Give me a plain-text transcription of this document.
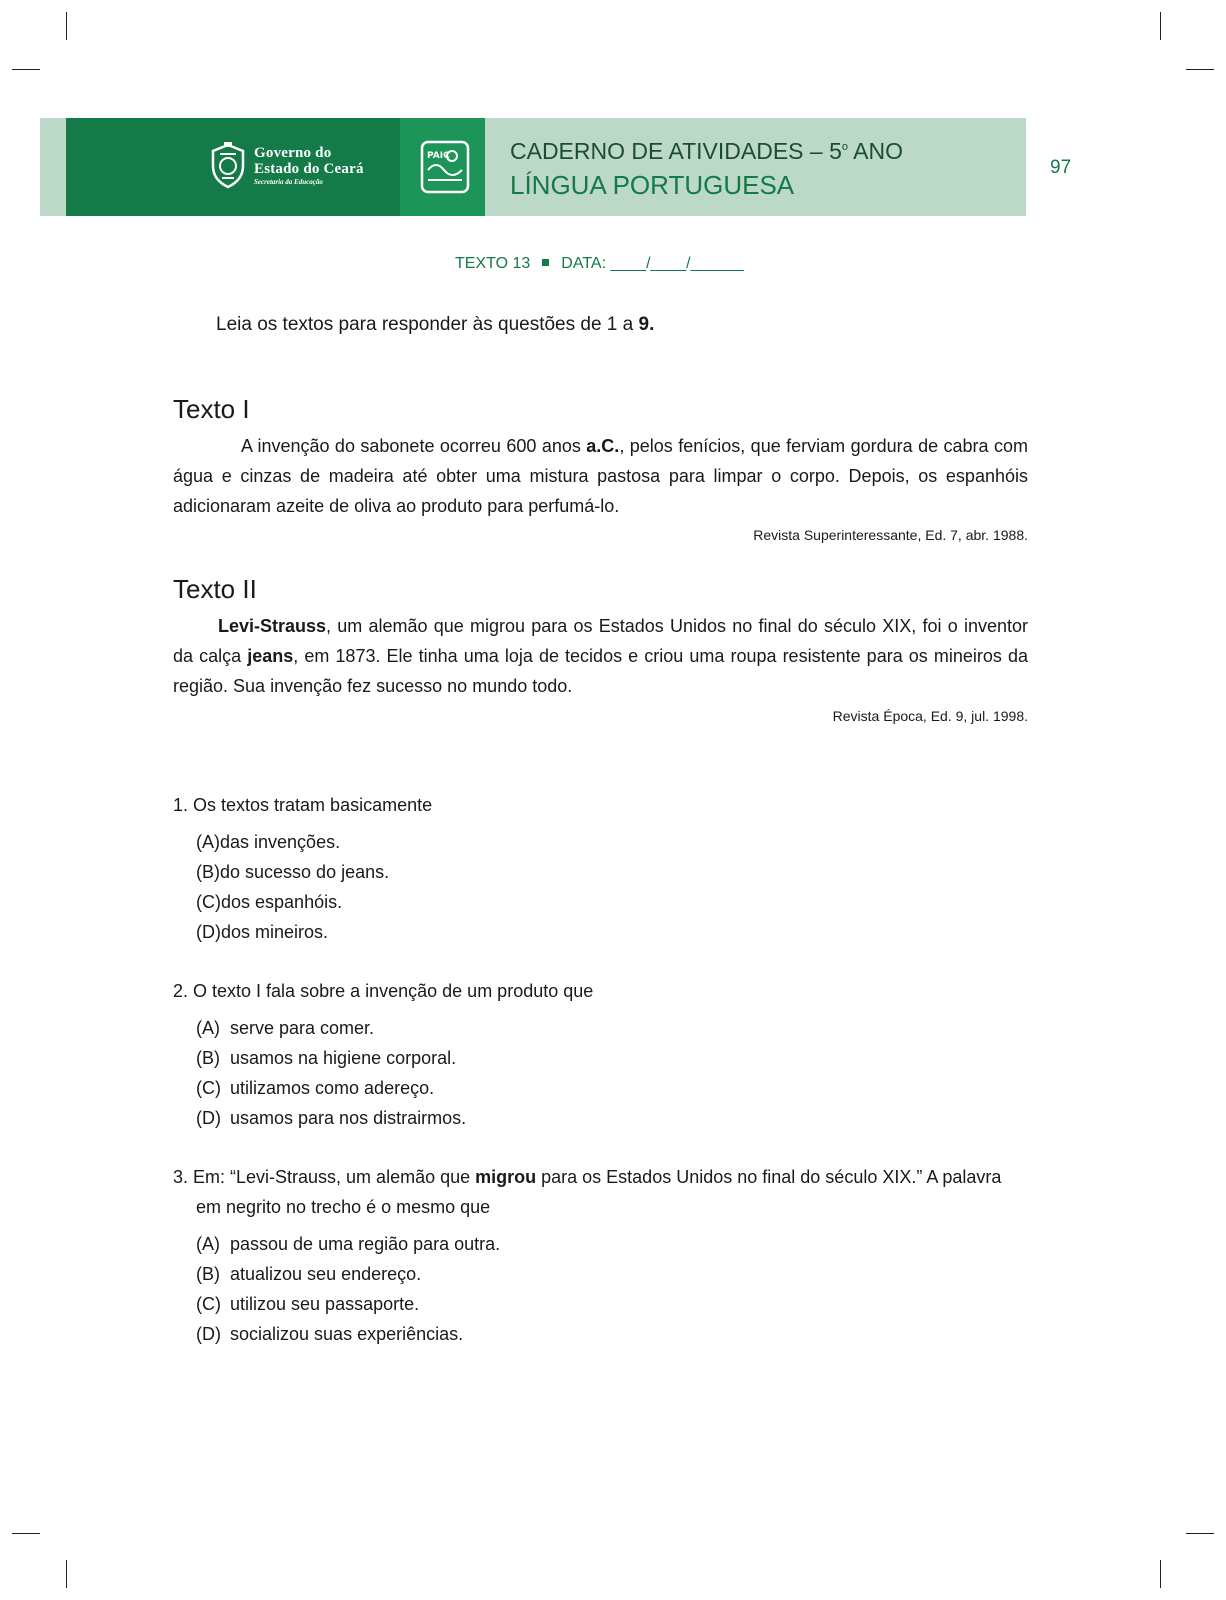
Governo do
Estado do Ceará
Secretaria da Educação
PAIC	CADERNO DE ATIVIDADES – 5$^o$ ANO
LÍNGUA PORTUGUESA
97
TEXTO 13 DATA: ____/____/______
Leia os textos para responder às questões de 1 a 9.
Texto I
A invenção do sabonete ocorreu 600 anos a.C., pelos fenícios, que ferviam gordura de cabra com água e cinzas de madeira até obter uma mistura pastosa para limpar o corpo. Depois, os espanhóis adicionaram azeite de oliva ao produto para perfumá-lo.
Revista Superinteressante, Ed. 7, abr. 1988.
Texto II
Levi-Strauss, um alemão que migrou para os Estados Unidos no final do século XIX, foi o inventor da calça jeans, em 1873. Ele tinha uma loja de tecidos e criou uma roupa resistente para os mineiros da região. Sua invenção fez sucesso no mundo todo.
Revista Época, Ed. 9, jul. 1998.
1. Os textos tratam basicamente
(A)das invenções.
(B)do sucesso do jeans.
(C)dos espanhóis.
(D)dos mineiros.
2. O texto I fala sobre a invenção de um produto que
(A) serve para comer.
(B) usamos na higiene corporal.
(C) utilizamos como adereço.
(D) usamos para nos distrairmos.
3. Em: “Levi-Strauss, um alemão que migrou para os Estados Unidos no final do século XIX.” A palavra
em negrito no trecho é o mesmo que
(A) passou de uma região para outra.
(B) atualizou seu endereço.
(C) utilizou seu passaporte.
(D) socializou suas experiências.
